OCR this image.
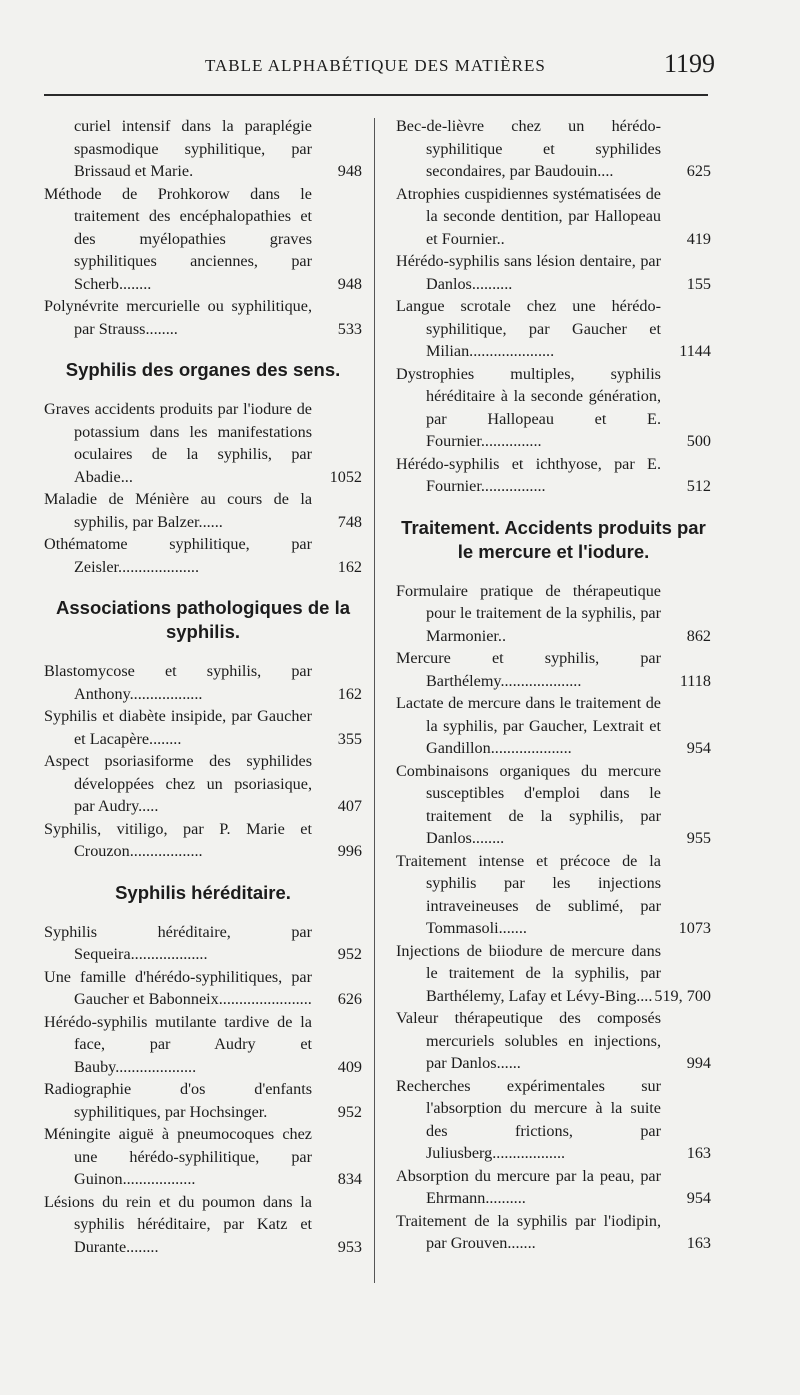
TABLE ALPHABÉTIQUE DES MATIÈRES	1199
curiel intensif dans la paraplégie spasmodique syphilitique, par Brissaud et Marie.	948
Méthode de Prohkorow dans le traitement des encéphalopathies et des myélopathies graves syphilitiques anciennes, par Scherb........	948
Polynévrite mercurielle ou syphilitique, par Strauss........	533
Syphilis des organes des sens.
Graves accidents produits par l'iodure de potassium dans les manifestations oculaires de la syphilis, par Abadie...	1052
Maladie de Ménière au cours de la syphilis, par Balzer......	748
Othématome syphilitique, par Zeisler....................	162
Associations pathologiques de la syphilis.
Blastomycose et syphilis, par Anthony..................	162
Syphilis et diabète insipide, par Gaucher et Lacapère........	355
Aspect psoriasiforme des syphilides développées chez un psoriasique, par Audry.....	407
Syphilis, vitiligo, par P. Marie et Crouzon..................	996
Syphilis héréditaire.
Syphilis héréditaire, par Sequeira...................	952
Une famille d'hérédo-syphilitiques, par Gaucher et Babonneix....................... 626
Hérédo-syphilis mutilante tardive de la face, par Audry et Bauby....................	409
Radiographie d'os d'enfants syphilitiques, par Hochsinger.	952
Méningite aiguë à pneumocoques chez une hérédo-syphilitique, par Guinon..................	834
Lésions du rein et du poumon dans la syphilis héréditaire, par Katz et Durante........	953
Bec-de-lièvre chez un hérédo-syphilitique et syphilides secondaires, par Baudouin....	625
Atrophies cuspidiennes systématisées de la seconde dentition, par Hallopeau et Fournier..	419
Hérédo-syphilis sans lésion dentaire, par Danlos..........	155
Langue scrotale chez une hérédo-syphilitique, par Gaucher et Milian.....................	1144
Dystrophies multiples, syphilis héréditaire à la seconde génération, par Hallopeau et E. Fournier...............	500
Hérédo-syphilis et ichthyose, par E. Fournier................	512
Traitement. Accidents produits par le mercure et l'iodure.
Formulaire pratique de thérapeutique pour le traitement de la syphilis, par Marmonier..	862
Mercure et syphilis, par Barthélemy....................	1118
Lactate de mercure dans le traitement de la syphilis, par Gaucher, Lextrait et Gandillon....................	954
Combinaisons organiques du mercure susceptibles d'emploi dans le traitement de la syphilis, par Danlos........	955
Traitement intense et précoce de la syphilis par les injections intraveineuses de sublimé, par Tommasoli.......	1073
Injections de biiodure de mercure dans le traitement de la syphilis, par Barthélemy, Lafay et Lévy-Bing.... 519, 700
Valeur thérapeutique des composés mercuriels solubles en injections, par Danlos......	994
Recherches expérimentales sur l'absorption du mercure à la suite des frictions, par Juliusberg..................	163
Absorption du mercure par la peau, par Ehrmann..........	954
Traitement de la syphilis par l'iodipin, par Grouven.......	163
